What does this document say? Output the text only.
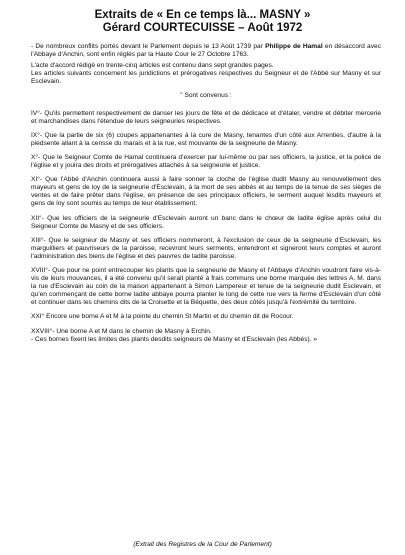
Extraits de « En ce temps là... MASNY »
Gérard COURTECUISSE – Août 1972

- De nombreux conflits portés devant le Parlement depuis le 13 Août 1739 par Philippe de Hamal en désaccord avec l'Abbaye d'Anchin, sont enfin réglés par la Haute Cour le 27 Octobre 1763.

L'acte d'accord rédigé en trente-cinq articles est contenu dans sept grandes pages.

Les articles suivants concernent les juridictions et prérogatives respectives du Seigneur et de l'Abbé sur Masny et sur Esclevain.

" Sont convenus :

IV°- Qu'ils permettent respectivement de danser les jours de fête et de dédicace et d'étaler, vendre et débiter mercerie et marchandises dans l'étendue de leurs seigneuries respectives.

IX°- Que la partie de six (6) coupes appartenantes à la cure de Masny, tenantes d'un côté aux Arrenties, d'autre à la piedsente allant à la censse du marais et à la rue, est mouvante de la seigneurie de Masny.

X°- Que le Seigneur Comte de Hamal continuera d'exercer par lui-même ou par ses officiers, la justice, et la police de l'église et y jouira des droits et prérogatives attachés à sa seigneurie et justice.

XI°- Que l'Abbé d'Anchin continuera aussi à faire sonner la cloche de l'église dudit Masny au renouvellement des mayeurs et gens de loy de la seigneurie d'Esclevain, à la mort de ses abbés et au temps de la tenue de ses sièges de ventes et de faire prêter dans l'église, en présence de ses principaux officiers, le serment auquel lesdits mayeurs et gens de loy sont soumis au temps de leur établissement.

XII°- Que les officiers de la seigneurie d'Esclevain auront un banc dans le chœur de ladite église après celui du Seigneur Comte de Masny et de ses officiers.

XIII°- Que le seigneur de Masny et ses officiers nommeront, à l'exclusion de ceux de la seigneurie d'Esclevain, les marguilliers et pauvriseurs de la paroisse, recevront leurs serments, entendront et signeront leurs comptes et auront l'administration des biens de l'église et des pauvres de ladite paroisse.

XVIII°- Que pour ne point entrecouper les plants que la seigneurie de Masny et l'Abbaye d'Anchin voudront faire vis-à-vis de leurs mouvances, il a été convenu qu'il serait planté à frais communs une borne marquée des lettres A. M. dans la rue d'Esclevain au coin de la maison appartenant à Simon Lampereur et tenue de la seigneurie dudit Esclevain, et qu'en commençant de cette borne ladite abbaye pourra planter le long de cette rue vers la ferme d'Esclevain d'un côté et continuer dans les chemins dits de la Croisette et la Béquette, des deux côtés jusqu'à l'extrémité du territoire.

XXI° Encore une borne A et M à la pointe du chemin St Martin et du chemin dit de Rocour.

XXVIII°- Une borne A et M dans le chemin de Masny à Erchin.

- Ces bornes fixent les limites des plants desdits seigneurs de Masny et d'Esclevain (les Abbés). »

(Extrait des Registres de la Cour de Parlement)
